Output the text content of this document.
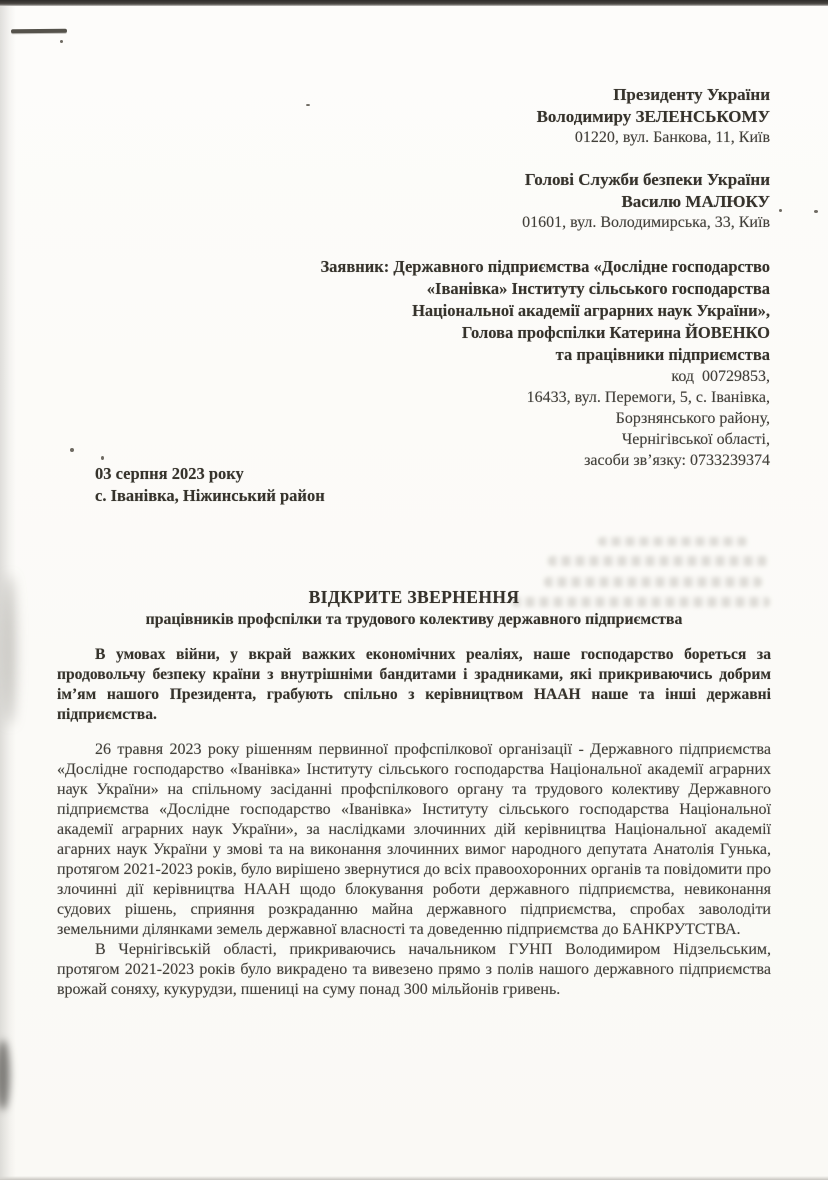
Президенту України
Володимиру ЗЕЛЕНСЬКОМУ
01220, вул. Банкова, 11, Київ
Голові Служби безпеки України
Василю МАЛЮКУ
01601, вул. Володимирська, 33, Київ
Заявник: Державного підприємства «Дослідне господарство
«Іванівка» Інституту сільського господарства
Національної академії аграрних наук України»,
Голова профспілки Катерина ЙОВЕНКО
та працівники підприємства
код  00729853,
16433, вул. Перемоги, 5, с. Іванівка,
Борзнянського району,
Чернігівської області,
засоби зв’язку: 0733239374
03 серпня 2023 року
с. Іванівка, Ніжинський район
ВІДКРИТЕ ЗВЕРНЕННЯ
працівників профспілки та трудового колективу державного підприємства

В умовах війни, у вкрай важких економічних реаліях, наше господарство бореться за продовольчу безпеку країни з внутрішніми бандитами і зрадниками, які прикриваючись добрим ім’ям нашого Президента, грабують спільно з керівництвом НААН наше та інші державні підприємства.

26 травня 2023 року рішенням первинної профспілкової організації - Державного підприємства «Дослідне господарство «Іванівка» Інституту сільського господарства Національної академії аграрних наук України» на спільному засіданні профспілкового органу та трудового колективу Державного підприємства «Дослідне господарство «Іванівка» Інституту сільського господарства Національної академії аграрних наук України», за наслідками злочинних дій керівництва Національної академії агарних наук України у змові та на виконання злочинних вимог народного депутата Анатолія Гунька, протягом 2021-2023 років, було вирішено звернутися до всіх правоохоронних органів та повідомити про злочинні дії керівництва НААН щодо блокування роботи державного підприємства, невиконання судових рішень, сприяння розкраданню майна державного підприємства, спробах заволодіти земельними ділянками земель державної власності та доведенню підприємства до БАНКРУТСТВА.

В Чернігівській області, прикриваючись начальником ГУНП Володимиром Нідзельським, протягом 2021-2023 років було викрадено та вивезено прямо з полів нашого державного підприємства врожай соняху, кукурудзи, пшениці на суму понад 300 мільйонів гривень.
